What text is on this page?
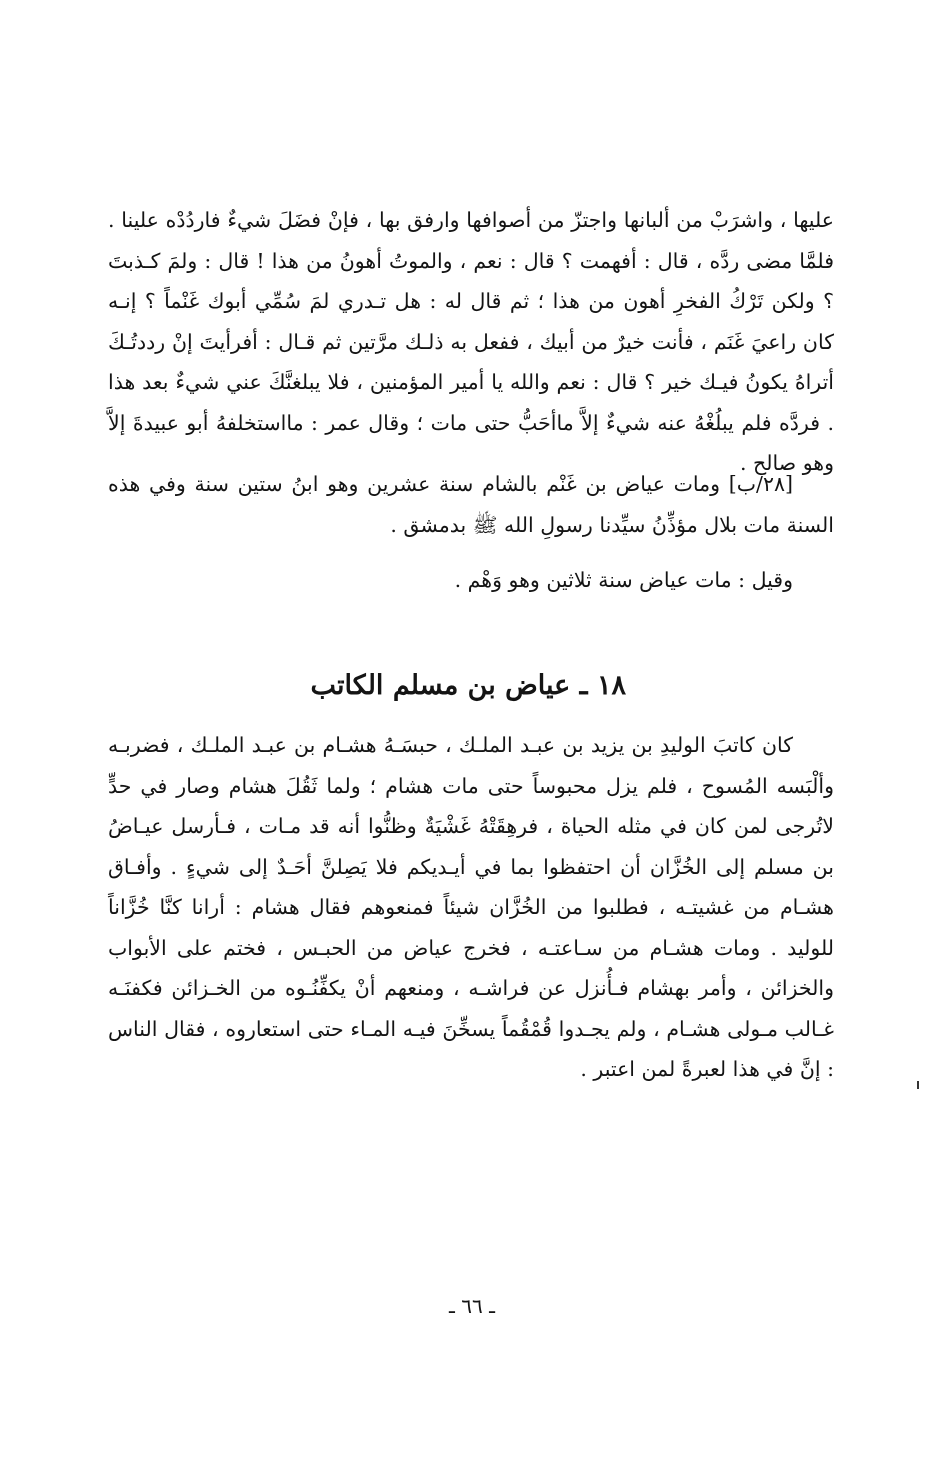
عليها ، واشرَبْ من ألبانها واجتزّ من أصوافها وارفق بها ، فإنْ فضَلَ شيءٌ فاردُدْه علينا . فلمَّا مضى ردَّه ، قال : أفهمت ؟ قال : نعم ، والموتُ أهونُ من هذا ! قال : ولمَ كـذبتَ ؟ ولكن تَرْكُ الفخرِ أهون من هذا ؛ ثم قال له : هل تـدري لمَ سُمِّي أبوك غَنْماً ؟ إنـه كان راعيَ غَنَم ، فأنت خيرٌ من أبيك ، ففعل به ذلـك مرَّتين ثم قـال : أفرأيتَ إنْ رددتُـكَ أتراهُ يكونُ فيـك خير ؟ قال : نعم والله يا أمير المؤمنين ، فلا يبلغنَّكَ عني شيءٌ بعد هذا . فردَّه فلم يبلُغْهُ عنه شيءٌ إلاَّ ماأحَبُّ حتى مات ؛ وقال عمر : مااستخلفهُ أبو عبيدةَ إلاَّ وهو صالح .

[٢٨/ب] ومات عياض بن غَنْم بالشام سنة عشرين وهو ابنُ ستين سنة وفي هذه السنة مات بلال مؤذِّنُ سيِّدنا رسولِ الله ﷺ بدمشق .

وقيل : مات عياض سنة ثلاثين وهو وَهْم .

١٨ ـ عياض بن مسلم الكاتب

كان كاتبَ الوليدِ بن يزيد بن عبـد الملـك ، حبسَـهُ هشـام بن عبـد الملـك ، فضربـه وألْبَسه المُسوح ، فلم يزل محبوساً حتى مات هشام ؛ ولما ثَقُلَ هشام وصار في حدٍّ لاتُرجى لمن كان في مثله الحياة ، فرهِقَتْهُ غَشْيَةٌ وظنُّوا أنه قد مـات ، فـأرسل عيـاضُ بن مسلم إلى الخُزَّان أن احتفظوا بما في أيـديكم فلا يَصِلنَّ أحَـدٌ إلى شيءٍ . وأفـاق هشـام من غشيتـه ، فطلبوا من الخُزَّان شيئاً فمنعوهم فقال هشام : أرانا كنَّا خُزَّاناً للوليد . ومات هشـام من سـاعتـه ، فخرج عياض من الحبـس ، فختم على الأبواب والخزائن ، وأمر بهشام فـأُنزل عن فراشـه ، ومنعهم أنْ يكفِّنُـوه من الخـزائن فكفنَـه غـالب مـولى هشـام ، ولم يجـدوا قُمْقُماً يسخِّنَ فيـه المـاء حتى استعاروه ، فقال الناس : إنَّ في هذا لعبرةً لمن اعتبر .

ـ ٦٦ ـ
